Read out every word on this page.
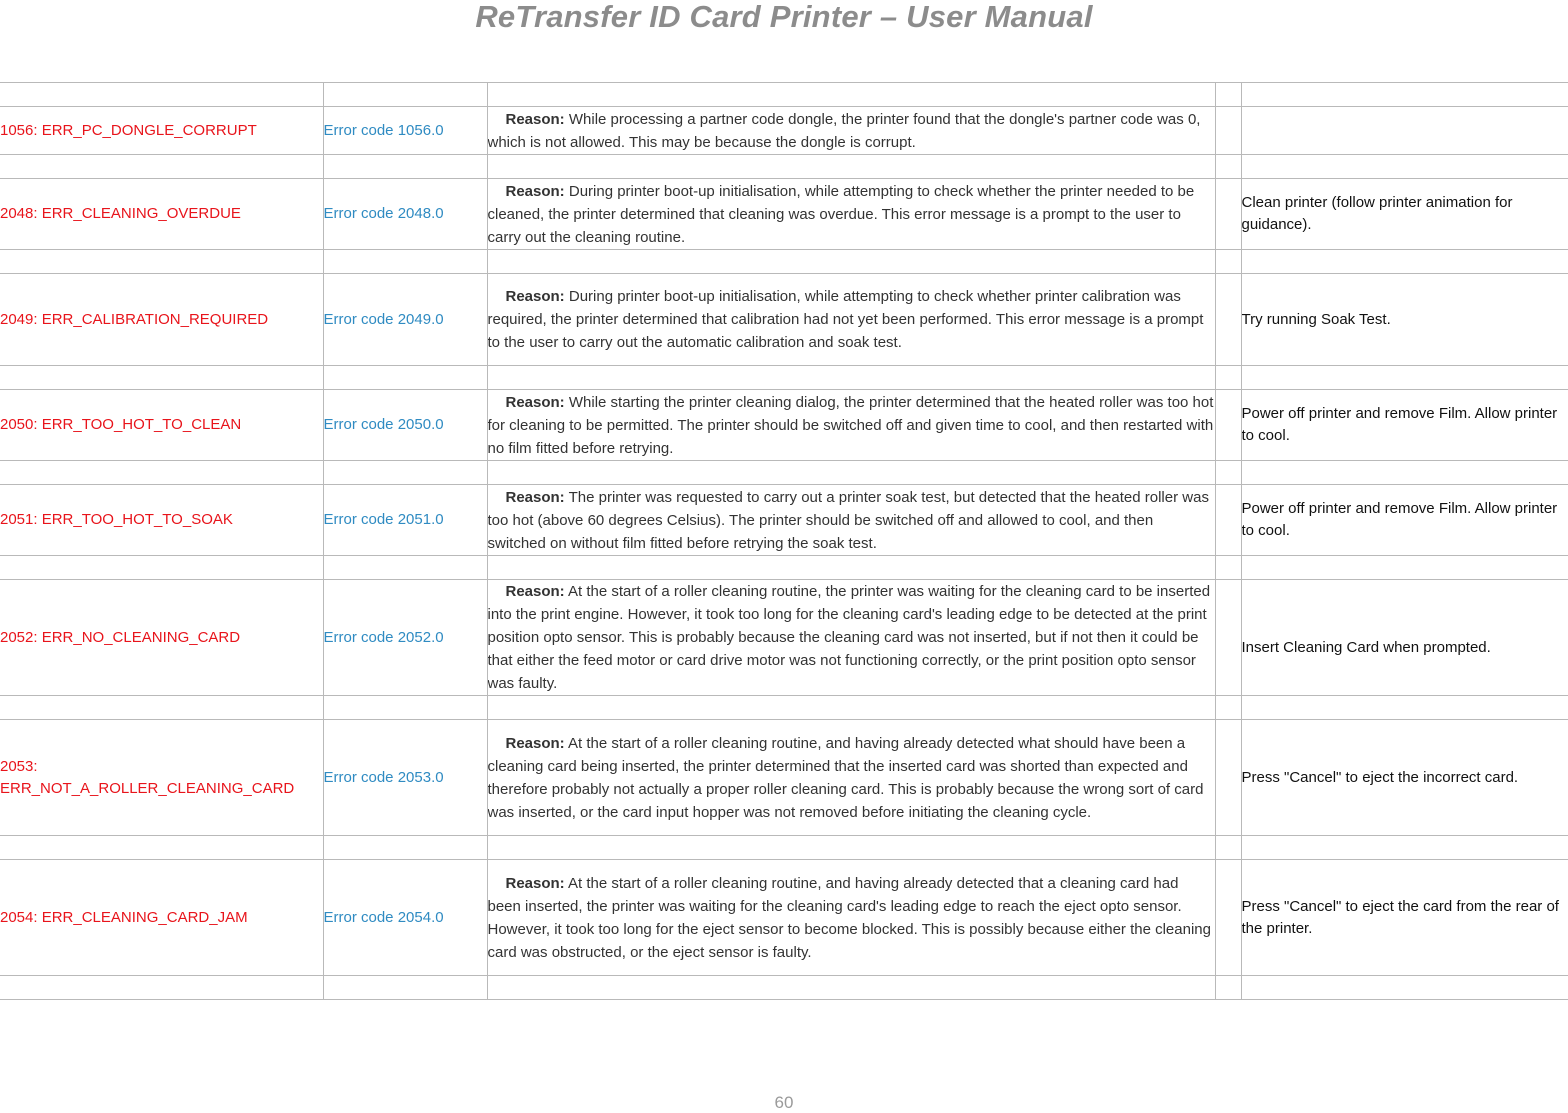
ReTransfer ID Card Printer – User Manual

1056: ERR_PC_DONGLE_CORRUPT	Error code 1056.0	Reason: While processing a partner code dongle, the printer found that the dongle's partner code was 0, which is not allowed. This may be because the dongle is corrupt.		

2048: ERR_CLEANING_OVERDUE	Error code 2048.0	Reason: During printer boot-up initialisation, while attempting to check whether the printer needed to be cleaned, the printer determined that cleaning was overdue. This error message is a prompt to the user to carry out the cleaning routine.		Clean printer (follow printer animation for guidance).

2049: ERR_CALIBRATION_REQUIRED	Error code 2049.0	Reason: During printer boot-up initialisation, while attempting to check whether printer calibration was required, the printer determined that calibration had not yet been performed. This error message is a prompt to the user to carry out the automatic calibration and soak test.		Try running Soak Test.

2050: ERR_TOO_HOT_TO_CLEAN	Error code 2050.0	Reason: While starting the printer cleaning dialog, the printer determined that the heated roller was too hot for cleaning to be permitted. The printer should be switched off and given time to cool, and then restarted with no film fitted before retrying.		Power off printer and remove Film. Allow printer to cool.

2051: ERR_TOO_HOT_TO_SOAK	Error code 2051.0	Reason: The printer was requested to carry out a printer soak test, but detected that the heated roller was too hot (above 60 degrees Celsius). The printer should be switched off and allowed to cool, and then switched on without film fitted before retrying the soak test.		Power off printer and remove Film. Allow printer to cool.

2052: ERR_NO_CLEANING_CARD	Error code 2052.0	Reason: At the start of a roller cleaning routine, the printer was waiting for the cleaning card to be inserted into the print engine. However, it took too long for the cleaning card's leading edge to be detected at the print position opto sensor. This is probably because the cleaning card was not inserted, but if not then it could be that either the feed motor or card drive motor was not functioning correctly, or the print position opto sensor was faulty.		Insert Cleaning Card when prompted.

2053: ERR_NOT_A_ROLLER_CLEANING_CARD	Error code 2053.0	Reason: At the start of a roller cleaning routine, and having already detected what should have been a cleaning card being inserted, the printer determined that the inserted card was shorted than expected and therefore probably not actually a proper roller cleaning card. This is probably because the wrong sort of card was inserted, or the card input hopper was not removed before initiating the cleaning cycle.		Press "Cancel" to eject the incorrect card.

2054: ERR_CLEANING_CARD_JAM	Error code 2054.0	Reason: At the start of a roller cleaning routine, and having already detected that a cleaning card had been inserted, the printer was waiting for the cleaning card's leading edge to reach the eject opto sensor. However, it took too long for the eject sensor to become blocked. This is possibly because either the cleaning card was obstructed, or the eject sensor is faulty.		Press "Cancel" to eject the card from the rear of the printer.

60
